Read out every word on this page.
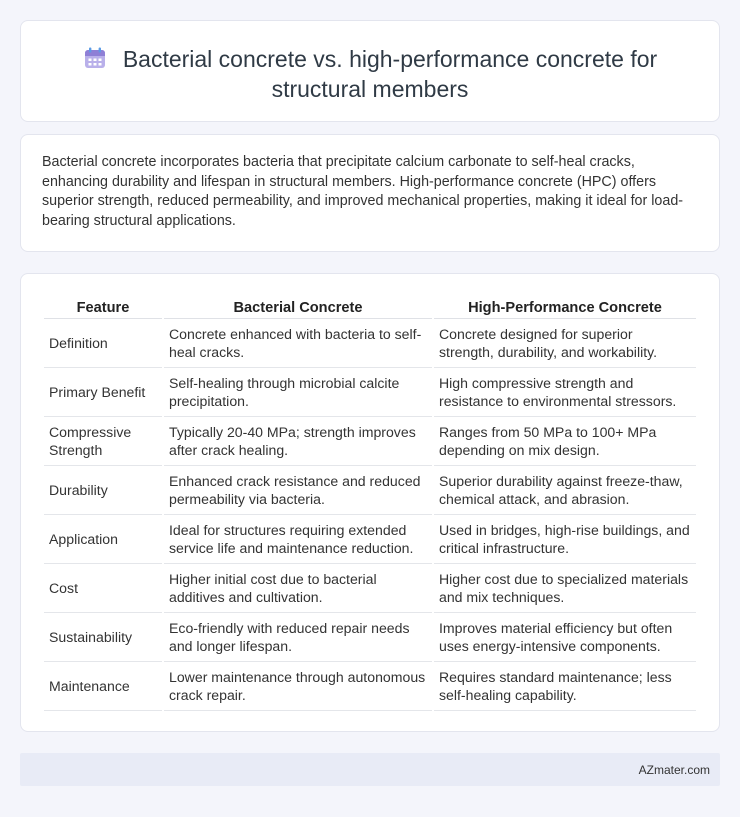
Bacterial concrete vs. high-performance concrete for structural members

Bacterial concrete incorporates bacteria that precipitate calcium carbonate to self-heal cracks, enhancing durability and lifespan in structural members. High-performance concrete (HPC) offers superior strength, reduced permeability, and improved mechanical properties, making it ideal for load-bearing structural applications.

Feature	Bacterial Concrete	High-Performance Concrete
Definition	Concrete enhanced with bacteria to self-heal cracks.	Concrete designed for superior strength, durability, and workability.
Primary Benefit	Self-healing through microbial calcite precipitation.	High compressive strength and resistance to environmental stressors.
Compressive Strength	Typically 20-40 MPa; strength improves after crack healing.	Ranges from 50 MPa to 100+ MPa depending on mix design.
Durability	Enhanced crack resistance and reduced permeability via bacteria.	Superior durability against freeze-thaw, chemical attack, and abrasion.
Application	Ideal for structures requiring extended service life and maintenance reduction.	Used in bridges, high-rise buildings, and critical infrastructure.
Cost	Higher initial cost due to bacterial additives and cultivation.	Higher cost due to specialized materials and mix techniques.
Sustainability	Eco-friendly with reduced repair needs and longer lifespan.	Improves material efficiency but often uses energy-intensive components.
Maintenance	Lower maintenance through autonomous crack repair.	Requires standard maintenance; less self-healing capability.
AZmater.com
